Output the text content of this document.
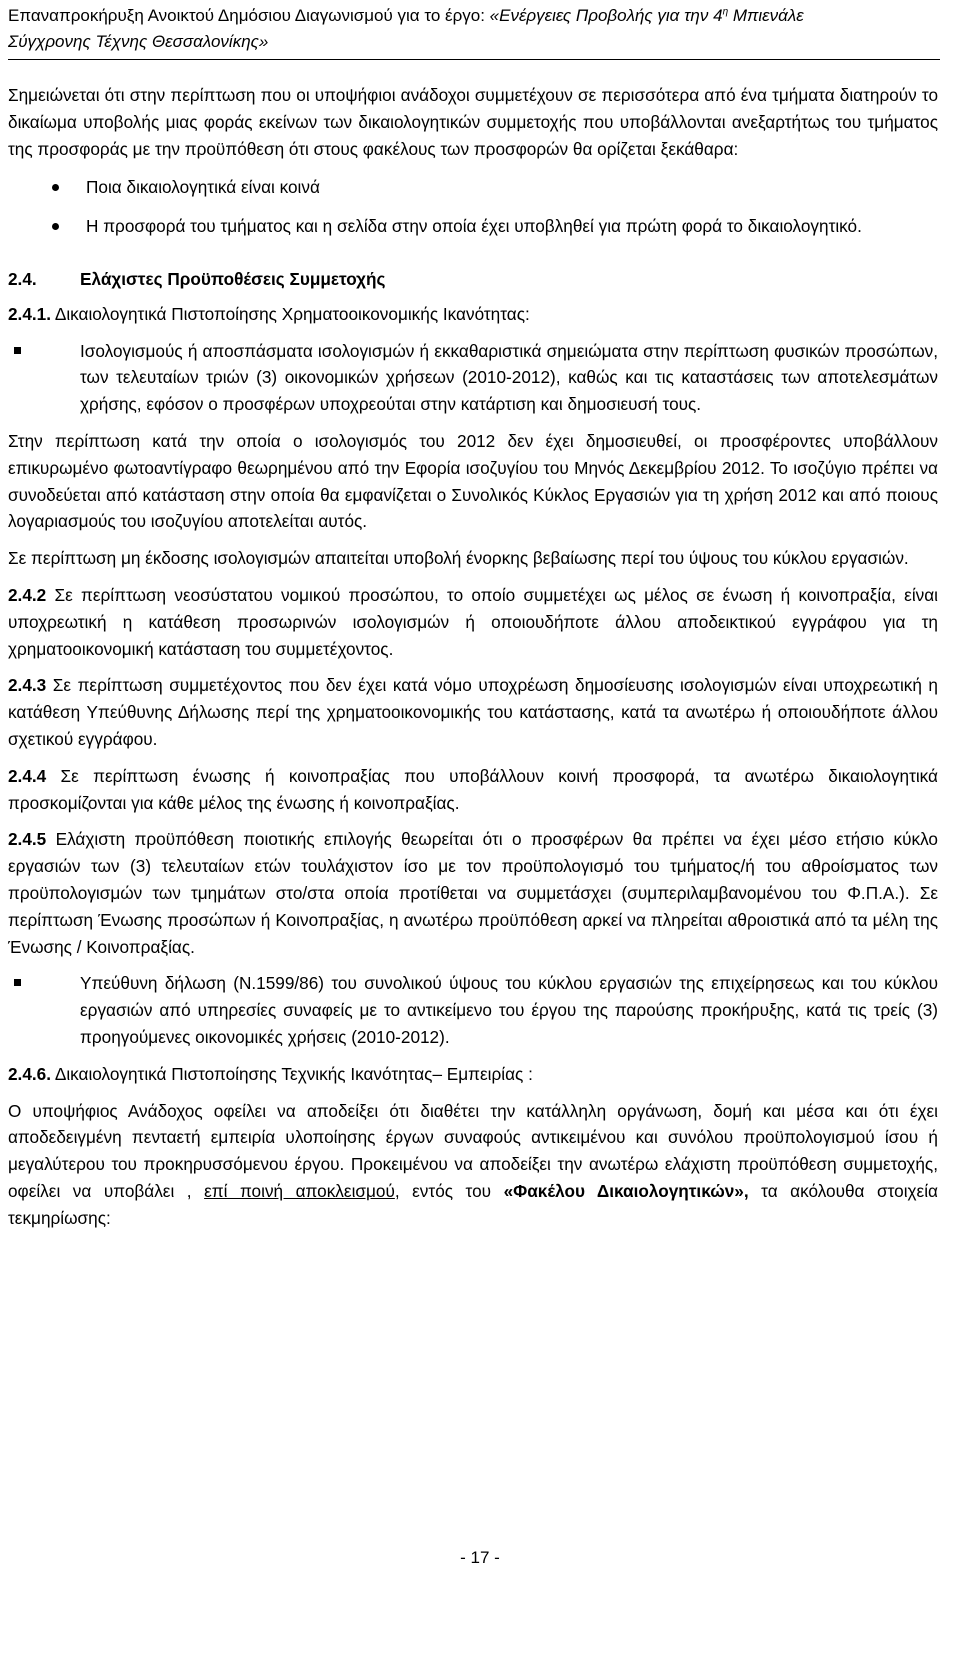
Επαναπροκήρυξη Ανοικτού Δημόσιου Διαγωνισμού για το έργο: «Ενέργειες Προβολής για την $4^\eta$ Μπιενάλε
Σύγχρονης Τέχνης Θεσσαλονίκης»

Σημειώνεται ότι στην περίπτωση που οι υποψήφιοι ανάδοχοι συμμετέχουν σε περισσότερα από ένα τμήματα διατηρούν το δικαίωμα υποβολής μιας φοράς εκείνων των δικαιολογητικών συμμετοχής που υποβάλλονται ανεξαρτήτως του τμήματος της προσφοράς με την προϋπόθεση ότι στους φακέλους των προσφορών θα ορίζεται ξεκάθαρα:

Ποια δικαιολογητικά είναι κοινά
Η προσφορά του τμήματος και η σελίδα στην οποία έχει υποβληθεί για πρώτη φορά το δικαιολογητικό.
2.4.	Ελάχιστες Προϋποθέσεις Συμμετοχής
2.4.1. Δικαιολογητικά Πιστοποίησης Χρηματοοικονομικής Ικανότητας:
Ισολογισμούς ή αποσπάσματα ισολογισμών ή εκκαθαριστικά σημειώματα στην περίπτωση φυσικών προσώπων, των τελευταίων τριών (3) οικονομικών χρήσεων (2010-2012), καθώς και τις καταστάσεις των αποτελεσμάτων χρήσης, εφόσον ο προσφέρων υποχρεούται στην κατάρτιση και δημοσιευσή τους.

Στην περίπτωση κατά την οποία ο ισολογισμός του 2012 δεν έχει δημοσιευθεί, οι προσφέροντες υποβάλλουν επικυρωμένο φωτοαντίγραφο θεωρημένου από την Εφορία ισοζυγίου του Μηνός Δεκεμβρίου 2012. Το ισοζύγιο πρέπει να συνοδεύεται από κατάσταση στην οποία θα εμφανίζεται ο Συνολικός Κύκλος Εργασιών για τη χρήση 2012 και από ποιους λογαριασμούς του ισοζυγίου αποτελείται αυτός.

Σε περίπτωση μη έκδοσης ισολογισμών απαιτείται υποβολή ένορκης βεβαίωσης περί του ύψους του κύκλου εργασιών.

2.4.2 Σε περίπτωση νεοσύστατου νομικού προσώπου, το οποίο συμμετέχει ως μέλος σε ένωση ή κοινοπραξία, είναι υποχρεωτική η κατάθεση προσωρινών ισολογισμών ή οποιουδήποτε άλλου αποδεικτικού εγγράφου για τη χρηματοοικονομική κατάσταση του συμμετέχοντος.

2.4.3 Σε περίπτωση συμμετέχοντος που δεν έχει κατά νόμο υποχρέωση δημοσίευσης ισολογισμών είναι υποχρεωτική η κατάθεση Υπεύθυνης Δήλωσης περί της χρηματοοικονομικής του κατάστασης, κατά τα ανωτέρω ή οποιουδήποτε άλλου σχετικού εγγράφου.

2.4.4 Σε περίπτωση ένωσης ή κοινοπραξίας που υποβάλλουν κοινή προσφορά, τα ανωτέρω δικαιολογητικά προσκομίζονται για κάθε μέλος της ένωσης ή κοινοπραξίας.

2.4.5 Ελάχιστη προϋπόθεση ποιοτικής επιλογής θεωρείται ότι ο προσφέρων θα πρέπει να έχει μέσο ετήσιο κύκλο εργασιών των (3) τελευταίων ετών τουλάχιστον ίσο με τον προϋπολογισμό του τμήματος/ή του αθροίσματος των προϋπολογισμών των τμημάτων στο/στα οποία προτίθεται να συμμετάσχει (συμπεριλαμβανομένου του Φ.Π.Α.). Σε περίπτωση Ένωσης προσώπων ή Κοινοπραξίας, η ανωτέρω προϋπόθεση αρκεί να πληρείται αθροιστικά από τα μέλη της Ένωσης / Κοινοπραξίας.

Υπεύθυνη δήλωση (Ν.1599/86) του συνολικού ύψους του κύκλου εργασιών της επιχείρησεως και του κύκλου εργασιών από υπηρεσίες συναφείς με το αντικείμενο του έργου της παρούσης προκήρυξης, κατά τις τρείς (3) προηγούμενες οικονομικές χρήσεις (2010-2012).
2.4.6. Δικαιολογητικά Πιστοποίησης Τεχνικής Ικανότητας– Εμπειρίας :

Ο υποψήφιος Ανάδοχος οφείλει να αποδείξει ότι διαθέτει την κατάλληλη οργάνωση, δομή και μέσα και ότι έχει αποδεδειγμένη πενταετή εμπειρία υλοποίησης έργων συναφούς αντικειμένου και συνόλου προϋπολογισμού ίσου ή μεγαλύτερου του προκηρυσσόμενου έργου. Προκειμένου να αποδείξει την ανωτέρω ελάχιστη προϋπόθεση συμμετοχής, οφείλει να υποβάλει , επί ποινή αποκλεισμού, εντός του «Φακέλου Δικαιολογητικών», τα ακόλουθα στοιχεία τεκμηρίωσης:

- 17 -
